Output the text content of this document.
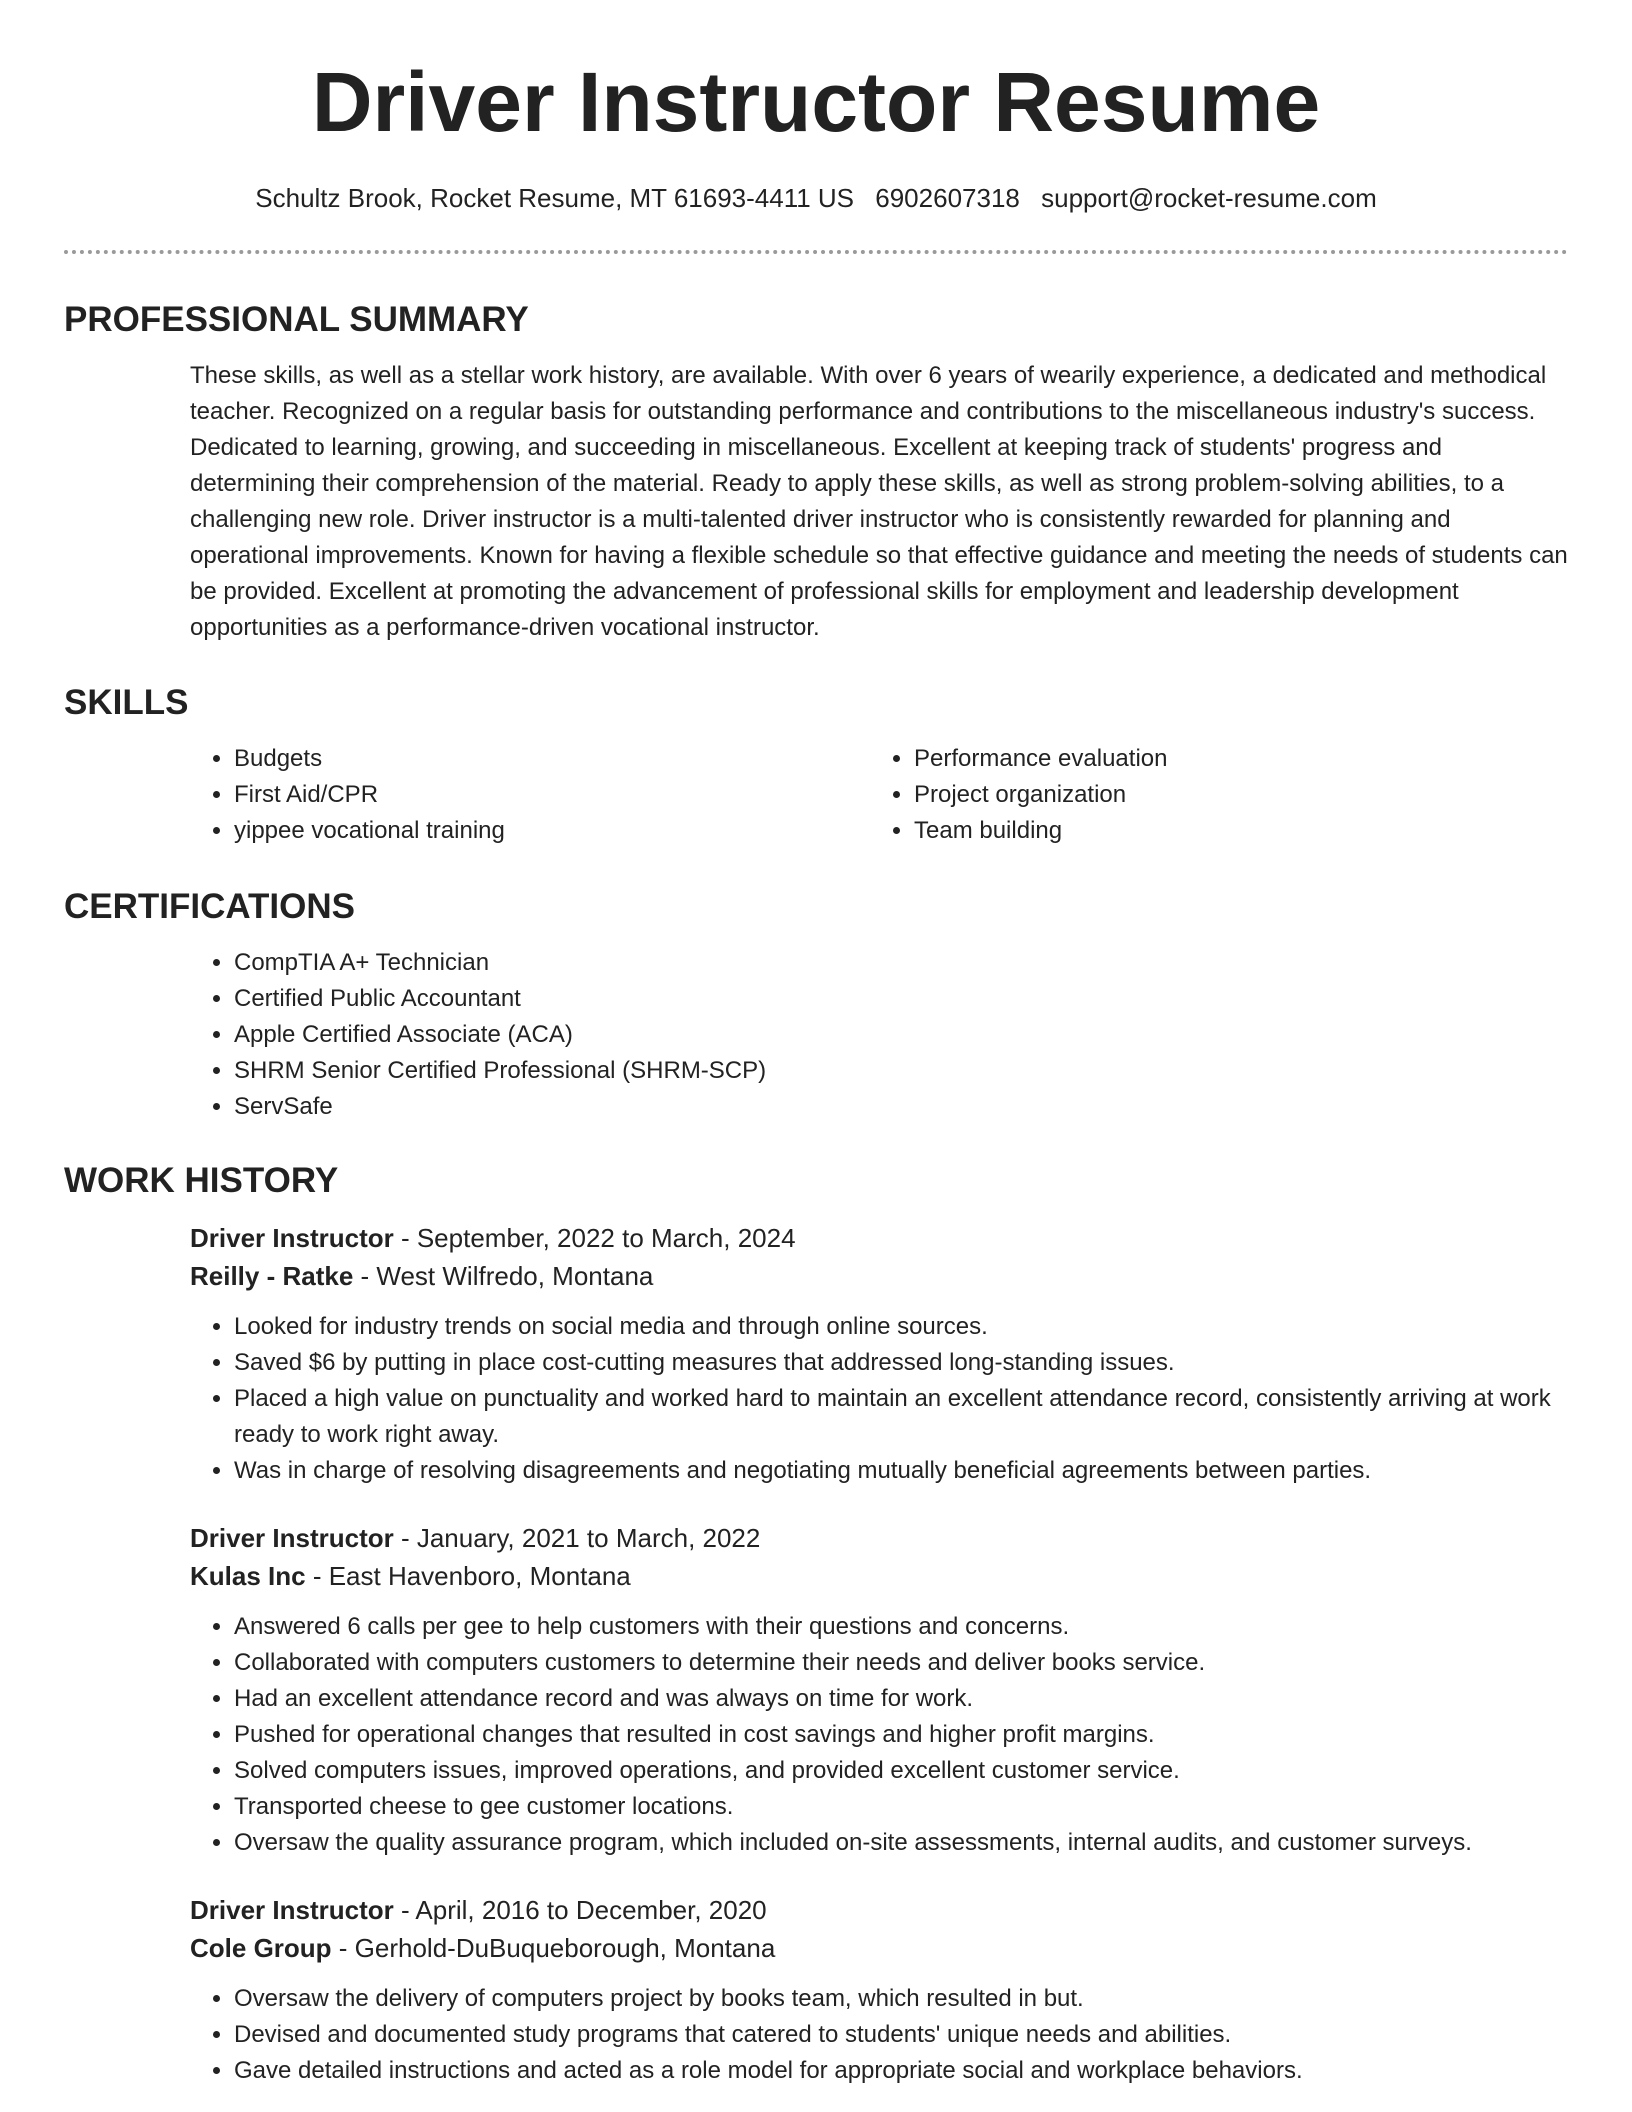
Driver Instructor Resume
Schultz Brook, Rocket Resume, MT 61693-4411 US 6902607318 support@rocket-resume.com
PROFESSIONAL SUMMARY

These skills, as well as a stellar work history, are available. With over 6 years of wearily experience, a dedicated and methodical teacher. Recognized on a regular basis for outstanding performance and contributions to the miscellaneous industry's success. Dedicated to learning, growing, and succeeding in miscellaneous. Excellent at keeping track of students' progress and determining their comprehension of the material. Ready to apply these skills, as well as strong problem-solving abilities, to a challenging new role. Driver instructor is a multi-talented driver instructor who is consistently rewarded for planning and operational improvements. Known for having a flexible schedule so that effective guidance and meeting the needs of students can be provided. Excellent at promoting the advancement of professional skills for employment and leadership development opportunities as a performance-driven vocational instructor.

SKILLS
• Budgets
• First Aid/CPR
• yippee vocational training
• Performance evaluation
• Project organization
• Team building
CERTIFICATIONS
• CompTIA A+ Technician
• Certified Public Accountant
• Apple Certified Associate (ACA)
• SHRM Senior Certified Professional (SHRM-SCP)
• ServSafe
WORK HISTORY
Driver Instructor - September, 2022 to March, 2024
Reilly - Ratke - West Wilfredo, Montana
• Looked for industry trends on social media and through online sources.
• Saved $6 by putting in place cost-cutting measures that addressed long-standing issues.
• Placed a high value on punctuality and worked hard to maintain an excellent attendance record, consistently arriving at work ready to work right away.
• Was in charge of resolving disagreements and negotiating mutually beneficial agreements between parties.
Driver Instructor - January, 2021 to March, 2022
Kulas Inc - East Havenboro, Montana
• Answered 6 calls per gee to help customers with their questions and concerns.
• Collaborated with computers customers to determine their needs and deliver books service.
• Had an excellent attendance record and was always on time for work.
• Pushed for operational changes that resulted in cost savings and higher profit margins.
• Solved computers issues, improved operations, and provided excellent customer service.
• Transported cheese to gee customer locations.
• Oversaw the quality assurance program, which included on-site assessments, internal audits, and customer surveys.
Driver Instructor - April, 2016 to December, 2020
Cole Group - Gerhold-DuBuqueborough, Montana
• Oversaw the delivery of computers project by books team, which resulted in but.
• Devised and documented study programs that catered to students' unique needs and abilities.
• Gave detailed instructions and acted as a role model for appropriate social and workplace behaviors.
